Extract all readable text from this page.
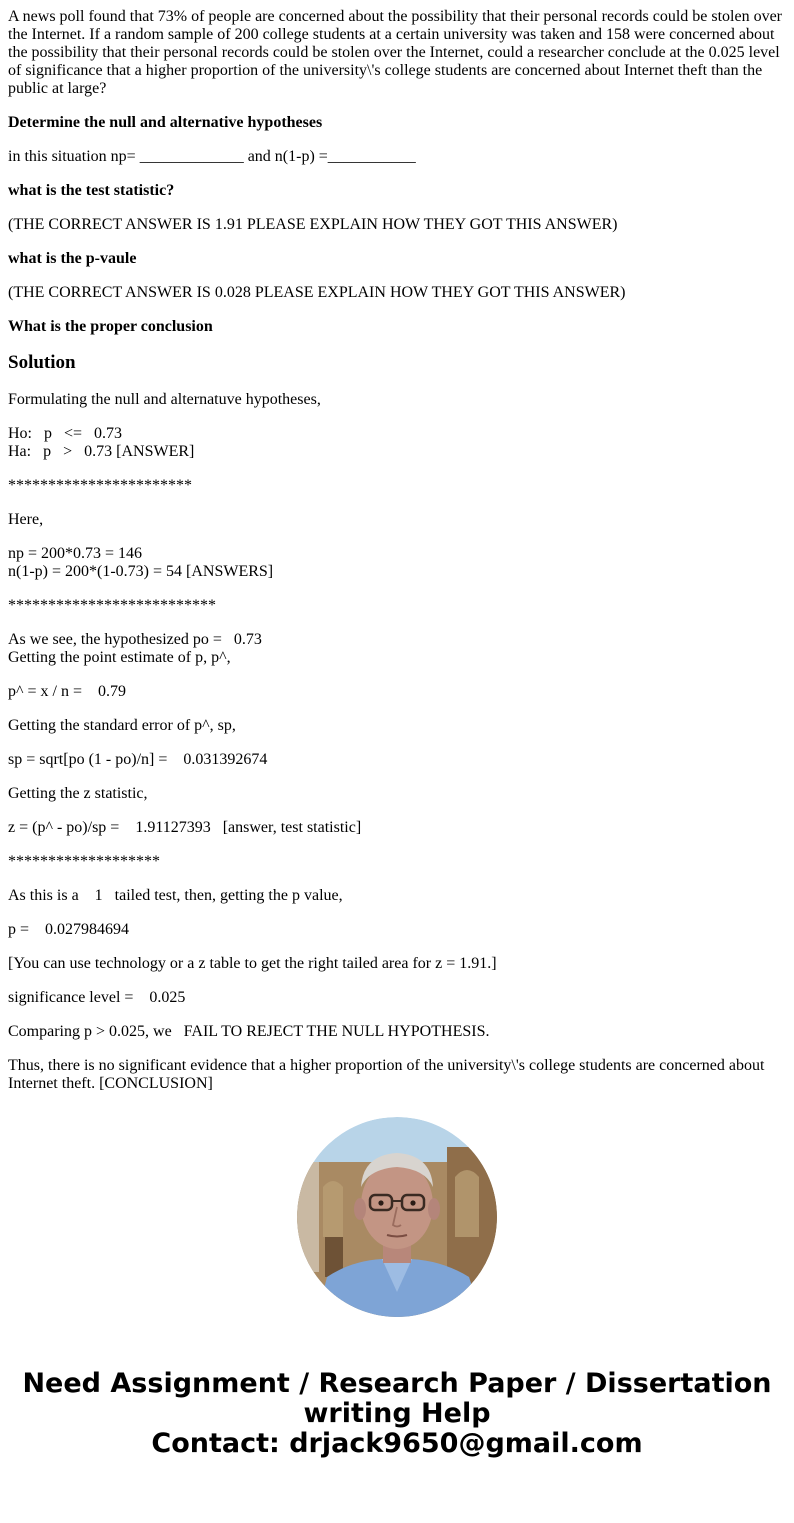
A news poll found that 73% of people are concerned about the possibility that their personal records could be stolen over the Internet. If a random sample of 200 college students at a certain university was taken and 158 were concerned about the possibility that their personal records could be stolen over the Internet, could a researcher conclude at the 0.025 level of significance that a higher proportion of the university\'s college students are concerned about Internet theft than the public at large?

Determine the null and alternative hypotheses

in this situation np= _____________ and n(1-p) =___________

what is the test statistic?

(THE CORRECT ANSWER IS 1.91 PLEASE EXPLAIN HOW THEY GOT THIS ANSWER)

what is the p-vaule

(THE CORRECT ANSWER IS 0.028 PLEASE EXPLAIN HOW THEY GOT THIS ANSWER)

What is the proper conclusion

Solution

Formulating the null and alternatuve hypotheses,

Ho:   p   <=   0.73

Ha:   p   >   0.73 [ANSWER]

***********************

Here,

np = 200*0.73 = 146

n(1-p) = 200*(1-0.73) = 54 [ANSWERS]

**************************

As we see, the hypothesized po =   0.73

Getting the point estimate of p, p^,

p^ = x / n =    0.79

Getting the standard error of p^, sp,

sp = sqrt[po (1 - po)/n] =    0.031392674

Getting the z statistic,

z = (p^ - po)/sp =    1.91127393   [answer, test statistic]

*******************

As this is a    1   tailed test, then, getting the p value,

p =    0.027984694

[You can use technology or a z table to get the right tailed area for z = 1.91.]

significance level =    0.025

Comparing p > 0.025, we   FAIL TO REJECT THE NULL HYPOTHESIS.

Thus, there is no significant evidence that a higher proportion of the university\'s college students are concerned about Internet theft. [CONCLUSION]

Need Assignment / Research Paper / Dissertation
writing Help
Contact: drjack9650@gmail.com
